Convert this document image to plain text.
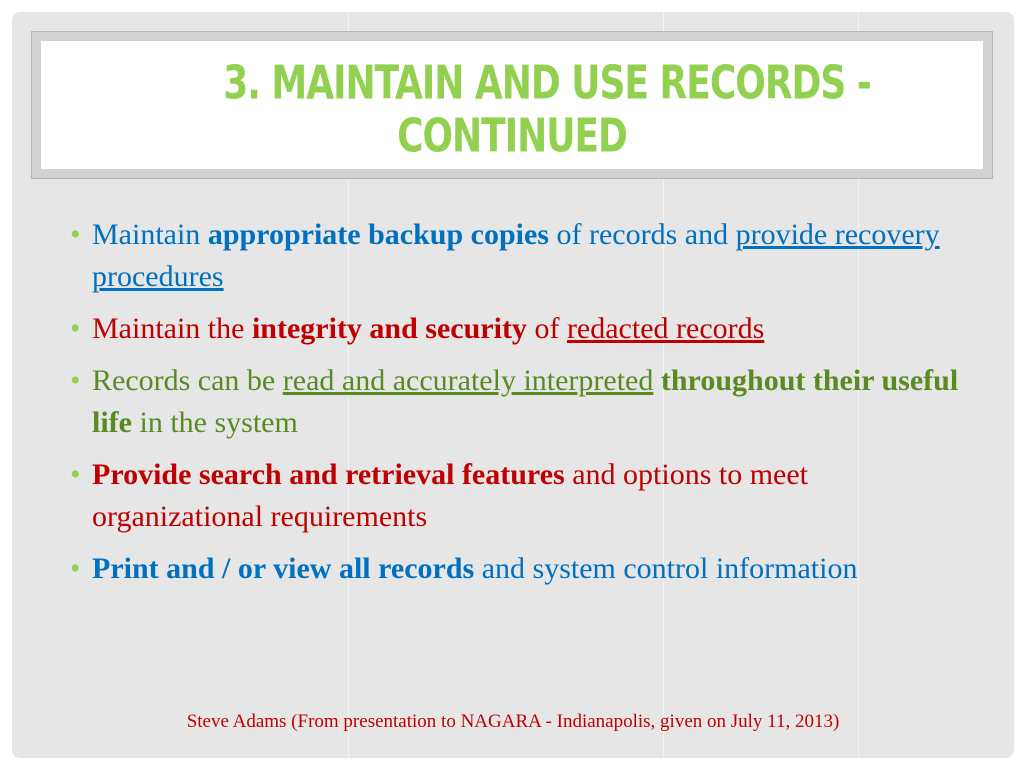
3. MAINTAIN AND USE RECORDS -
CONTINUED
• Maintain appropriate backup copies of records and provide recovery procedures
• Maintain the integrity and security of redacted records
• Records can be read and accurately interpreted throughout their useful life in the system
• Provide search and retrieval features and options to meet organizational requirements
• Print and / or view all records and system control information
Steve Adams (From presentation to NAGARA - Indianapolis, given on July 11, 2013)
